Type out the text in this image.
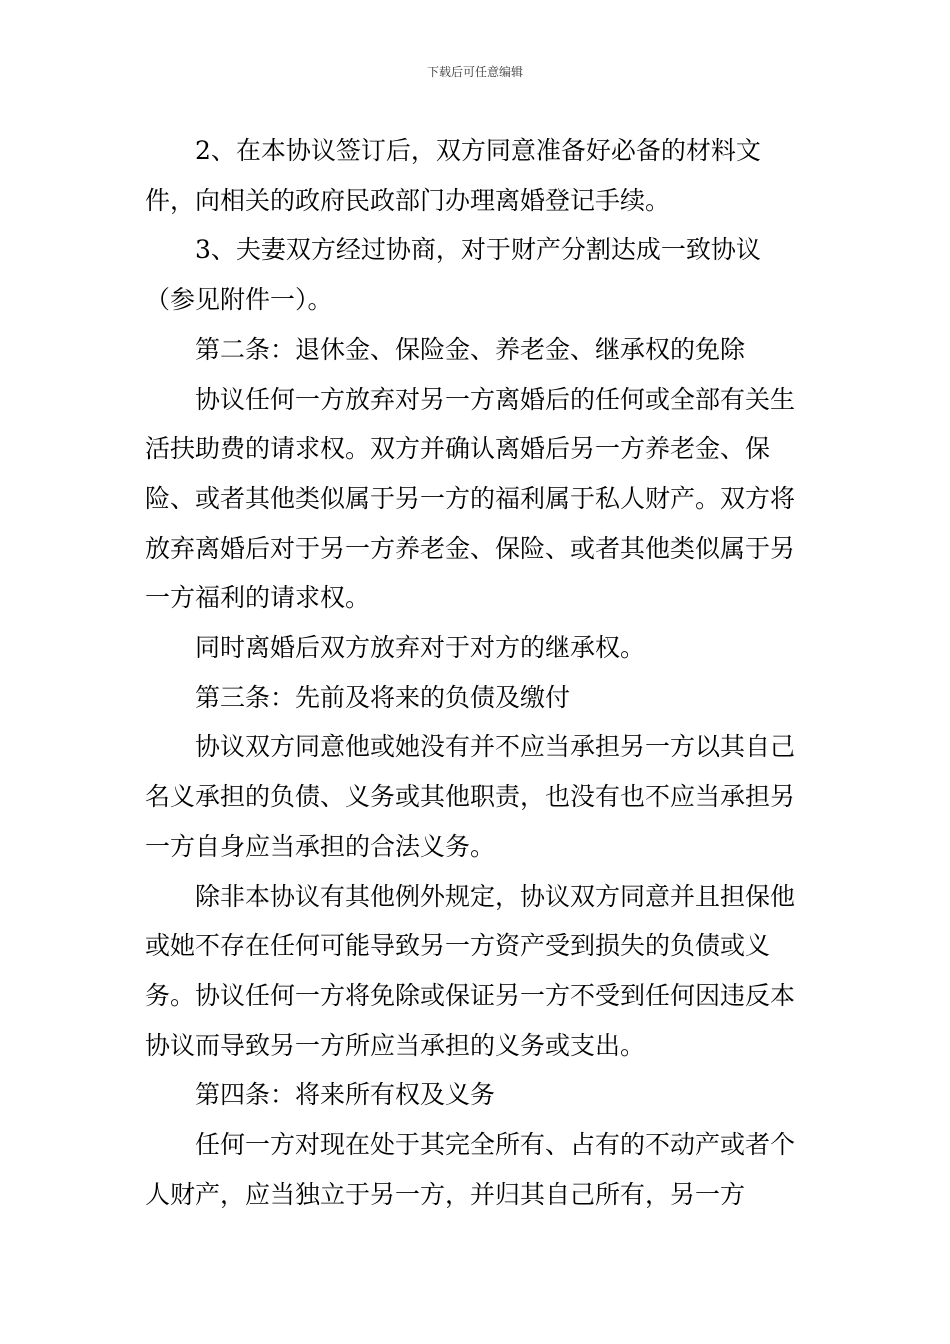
下载后可任意编辑

2、在本协议签订后，双方同意准备好必备的材料文件，向相关的政府民政部门办理离婚登记手续。

3、夫妻双方经过协商，对于财产分割达成一致协议（参见附件一）。

第二条：退休金、保险金、养老金、继承权的免除

协议任何一方放弃对另一方离婚后的任何或全部有关生活扶助费的请求权。双方并确认离婚后另一方养老金、保险、或者其他类似属于另一方的福利属于私人财产。双方将放弃离婚后对于另一方养老金、保险、或者其他类似属于另一方福利的请求权。

同时离婚后双方放弃对于对方的继承权。

第三条：先前及将来的负债及缴付

协议双方同意他或她没有并不应当承担另一方以其自己名义承担的负债、义务或其他职责，也没有也不应当承担另一方自身应当承担的合法义务。

除非本协议有其他例外规定，协议双方同意并且担保他或她不存在任何可能导致另一方资产受到损失的负债或义务。协议任何一方将免除或保证另一方不受到任何因违反本协议而导致另一方所应当承担的义务或支出。

第四条：将来所有权及义务

任何一方对现在处于其完全所有、占有的不动产或者个人财产，应当独立于另一方，并归其自己所有，另一方
